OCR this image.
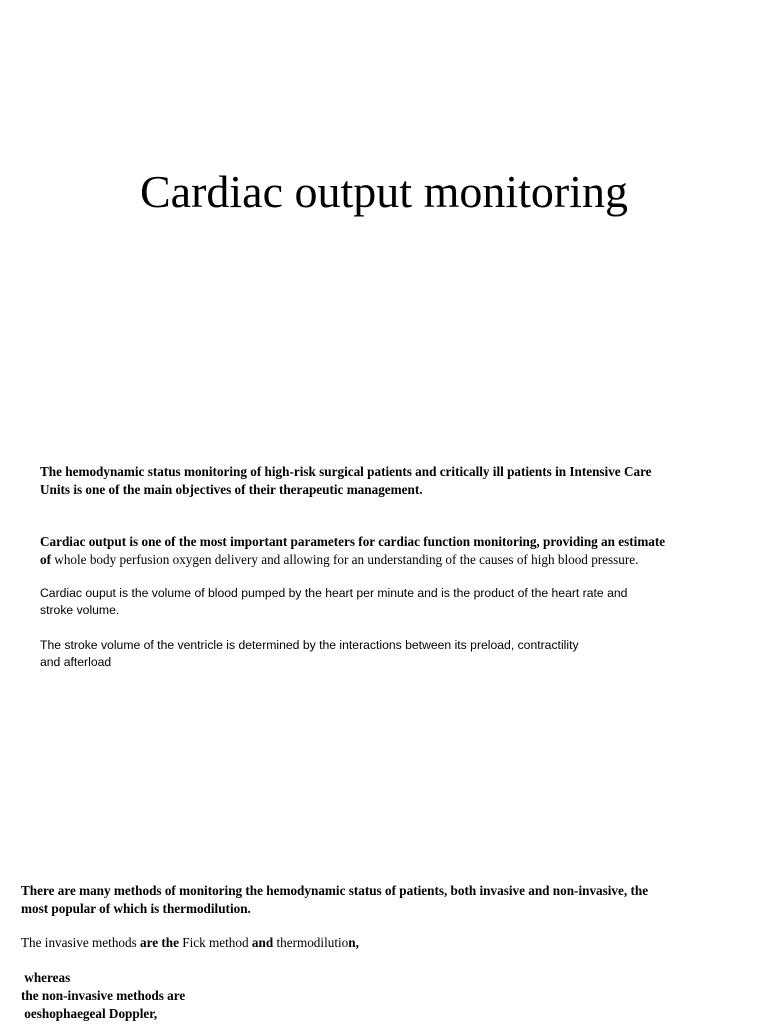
Cardiac output monitoring

The hemodynamic status monitoring of high-risk surgical patients and critically ill patients in Intensive Care
Units is one of the main objectives of their therapeutic management.

Cardiac output is one of the most important parameters for cardiac function monitoring, providing an estimate
of whole body perfusion oxygen delivery and allowing for an understanding of the causes of high blood pressure.

Cardiac ouput is the volume of blood pumped by the heart per minute and is the product of the heart rate and
stroke volume.

The stroke volume of the ventricle is determined by the interactions between its preload, contractility
and afterload

There are many methods of monitoring the hemodynamic status of patients, both invasive and non-invasive, the
most popular of which is thermodilution.

The invasive methods are the Fick method and thermodilution,

whereas
the non-invasive methods are
oeshophaegeal Doppler,
